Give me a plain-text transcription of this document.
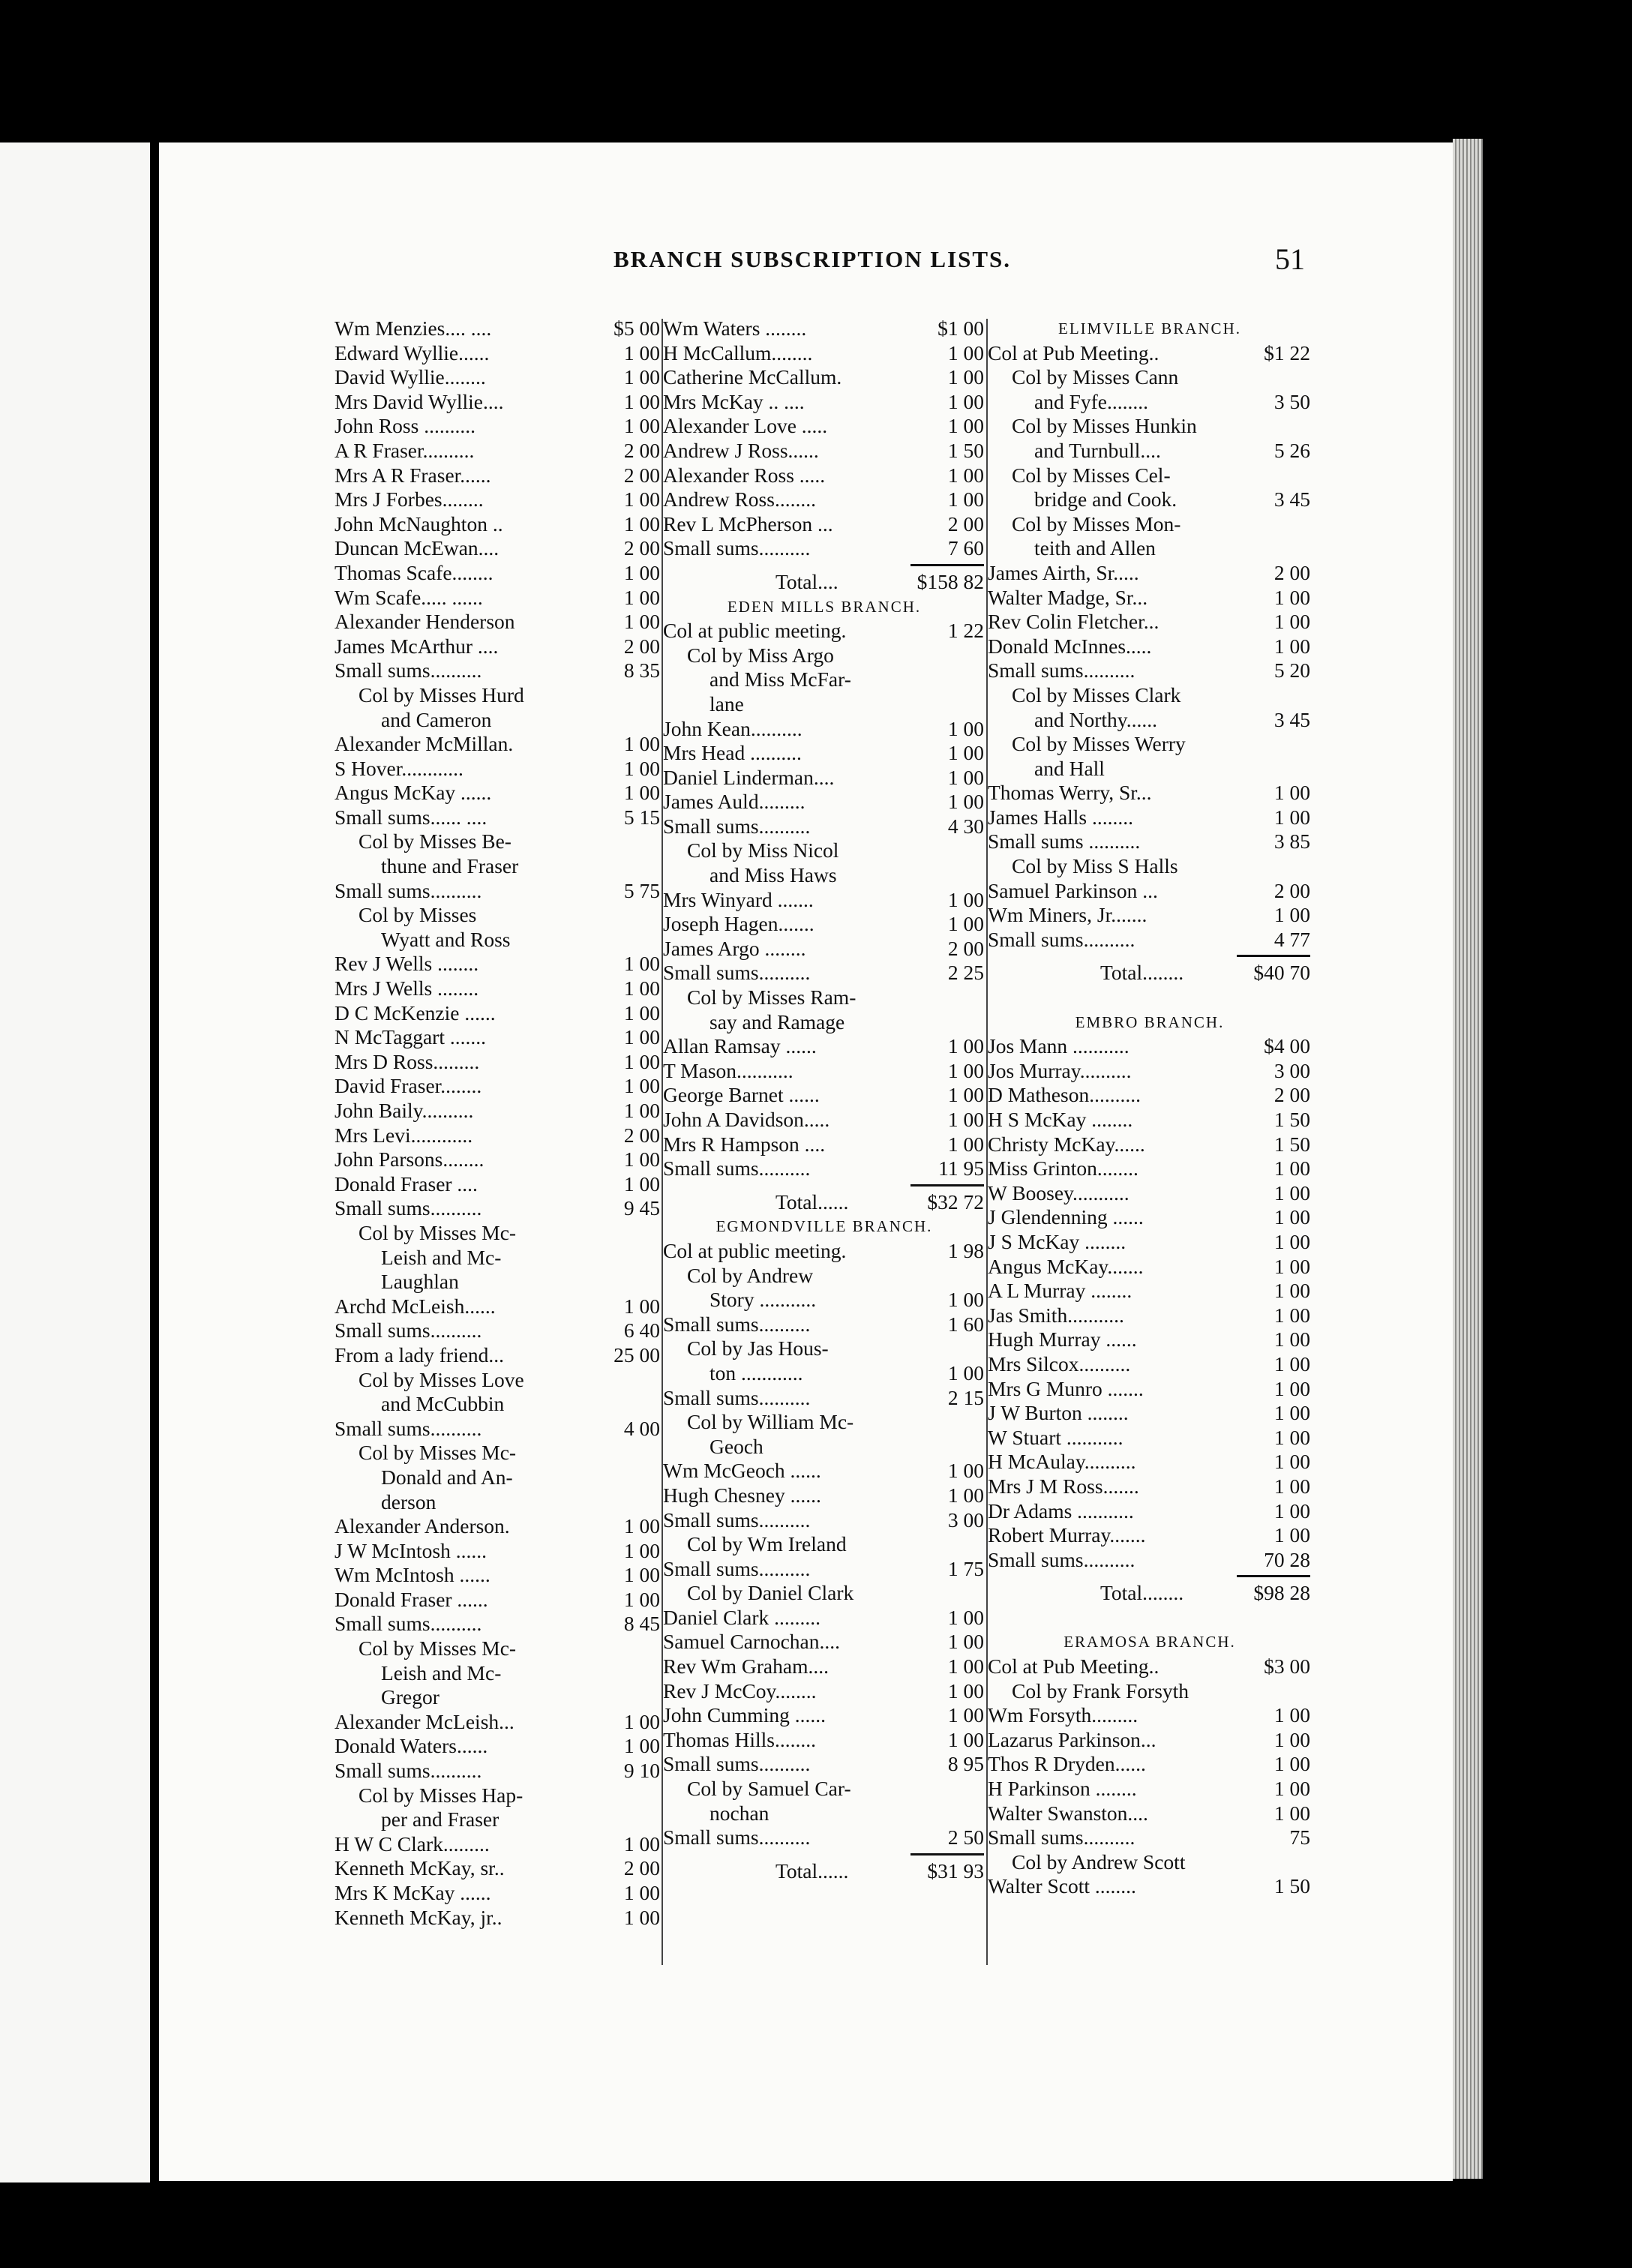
BRANCH SUBSCRIPTION LISTS.	51
Wm Menzies.... ....	$5 00
Edward Wyllie......	1 00
David Wyllie........	1 00
Mrs David Wyllie....	1 00
John Ross ..........	1 00
A R Fraser..........	2 00
Mrs A R Fraser......	2 00
Mrs J Forbes........	1 00
John McNaughton ..	1 00
Duncan McEwan....	2 00
Thomas Scafe........	1 00
Wm Scafe..... ......	1 00
Alexander Henderson	1 00
James McArthur ....	2 00
Small sums..........	8 35
Col by Misses Hurd
and Cameron
Alexander McMillan.	1 00
S Hover............	1 00
Angus McKay ......	1 00
Small sums...... ....	5 15
Col by Misses Be-
thune and Fraser
Small sums..........	5 75
Col by Misses
Wyatt and Ross
Rev J Wells ........	1 00
Mrs J Wells ........	1 00
D C McKenzie ......	1 00
N McTaggart .......	1 00
Mrs D Ross.........	1 00
David Fraser........	1 00
John Baily..........	1 00
Mrs Levi............	2 00
John Parsons........	1 00
Donald Fraser ....	1 00
Small sums..........	9 45
Col by Misses Mc-
Leish and Mc-
Laughlan
Archd McLeish......	1 00
Small sums..........	6 40
From a lady friend...	25 00
Col by Misses Love
and McCubbin
Small sums..........	4 00
Col by Misses Mc-
Donald and An-
derson
Alexander Anderson.	1 00
J W McIntosh ......	1 00
Wm McIntosh ......	1 00
Donald Fraser ......	1 00
Small sums..........	8 45
Col by Misses Mc-
Leish and Mc-
Gregor
Alexander McLeish...	1 00
Donald Waters......	1 00
Small sums..........	9 10
Col by Misses Hap-
per and Fraser
H W C Clark.........	1 00
Kenneth McKay, sr..	2 00
Mrs K McKay ......	1 00
Kenneth McKay, jr..	1 00
Wm Waters ........	$1 00
H McCallum........	1 00
Catherine McCallum.	1 00
Mrs McKay .. ....	1 00
Alexander Love .....	1 00
Andrew J Ross......	1 50
Alexander Ross .....	1 00
Andrew Ross........	1 00
Rev L McPherson ...	2 00
Small sums..........	7 60
Total....	$158 82
EDEN MILLS BRANCH.
Col at public meeting.	1 22
Col by Miss Argo
and Miss McFar-
lane
John Kean..........	1 00
Mrs Head ..........	1 00
Daniel Linderman....	1 00
James Auld.........	1 00
Small sums..........	4 30
Col by Miss Nicol
and Miss Haws
Mrs Winyard .......	1 00
Joseph Hagen.......	1 00
James Argo ........	2 00
Small sums..........	2 25
Col by Misses Ram-
say and Ramage
Allan Ramsay ......	1 00
T Mason...........	1 00
George Barnet ......	1 00
John A Davidson.....	1 00
Mrs R Hampson ....	1 00
Small sums..........	11 95
Total......	$32 72
EGMONDVILLE BRANCH.
Col at public meeting.	1 98
Col by Andrew
Story ...........	1 00
Small sums..........	1 60
Col by Jas Hous-
ton ............	1 00
Small sums..........	2 15
Col by William Mc-
Geoch
Wm McGeoch ......	1 00
Hugh Chesney ......	1 00
Small sums..........	3 00
Col by Wm Ireland
Small sums..........	1 75
Col by Daniel Clark
Daniel Clark .........	1 00
Samuel Carnochan....	1 00
Rev Wm Graham....	1 00
Rev J McCoy........	1 00
John Cumming ......	1 00
Thomas Hills........	1 00
Small sums..........	8 95
Col by Samuel Car-
nochan
Small sums..........	2 50
Total......	$31 93
ELIMVILLE BRANCH.
Col at Pub Meeting..	$1 22
Col by Misses Cann
and Fyfe........	3 50
Col by Misses Hunkin
and Turnbull....	5 26
Col by Misses Cel-
bridge and Cook.	3 45
Col by Misses Mon-
teith and Allen
James Airth, Sr.....	2 00
Walter Madge, Sr...	1 00
Rev Colin Fletcher...	1 00
Donald McInnes.....	1 00
Small sums..........	5 20
Col by Misses Clark
and Northy......	3 45
Col by Misses Werry
and Hall
Thomas Werry, Sr...	1 00
James Halls ........	1 00
Small sums ..........	3 85
Col by Miss S Halls
Samuel Parkinson ...	2 00
Wm Miners, Jr.......	1 00
Small sums..........	4 77
Total........	$40 70
EMBRO BRANCH.
Jos Mann ...........	$4 00
Jos Murray..........	3 00
D Matheson..........	2 00
H S McKay ........	1 50
Christy McKay......	1 50
Miss Grinton........	1 00
W Boosey...........	1 00
J Glendenning ......	1 00
J S McKay ........	1 00
Angus McKay.......	1 00
A L Murray ........	1 00
Jas Smith...........	1 00
Hugh Murray ......	1 00
Mrs Silcox..........	1 00
Mrs G Munro .......	1 00
J W Burton ........	1 00
W Stuart ...........	1 00
H McAulay..........	1 00
Mrs J M Ross.......	1 00
Dr Adams ...........	1 00
Robert Murray.......	1 00
Small sums..........	70 28
Total........	$98 28
ERAMOSA BRANCH.
Col at Pub Meeting..	$3 00
Col by Frank Forsyth
Wm Forsyth.........	1 00
Lazarus Parkinson...	1 00
Thos R Dryden......	1 00
H Parkinson ........	1 00
Walter Swanston....	1 00
Small sums..........	75
Col by Andrew Scott
Walter Scott ........	1 50
